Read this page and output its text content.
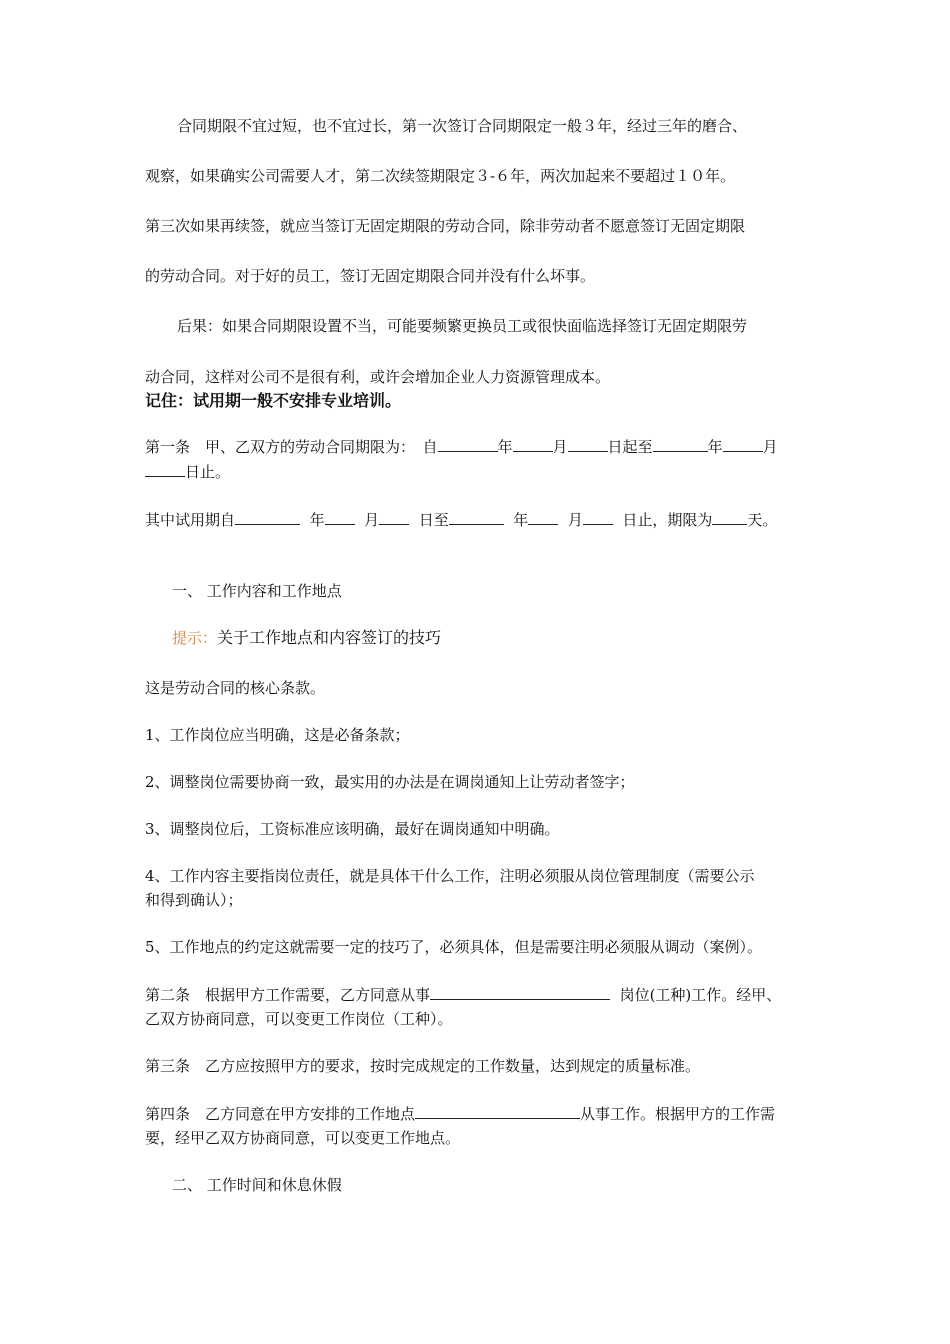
合同期限不宜过短，也不宜过长，第一次签订合同期限定一般３年，经过三年的磨合、
观察，如果确实公司需要人才，第二次续签期限定３-６年，两次加起来不要超过１０年。
第三次如果再续签，就应当签订无固定期限的劳动合同，除非劳动者不愿意签订无固定期限
的劳动合同。对于好的员工，签订无固定期限合同并没有什么坏事。
后果：如果合同期限设置不当，可能要频繁更换员工或很快面临选择签订无固定期限劳
动合同，这样对公司不是很有利，或许会增加企业人力资源管理成本。
记住：试用期一般不安排专业培训。
第一条　甲、乙双方的劳动合同期限为：　自	年	月	日起至	年	月
日止。
其中试用期自	年	月	日至	年	月	日止，期限为 天。
一、 工作内容和工作地点
提示：关于工作地点和内容签订的技巧
这是劳动合同的核心条款。
1、工作岗位应当明确，这是必备条款；
2、调整岗位需要协商一致，最实用的办法是在调岗通知上让劳动者签字；
3、调整岗位后，工资标准应该明确，最好在调岗通知中明确。
4、工作内容主要指岗位责任，就是具体干什么工作，注明必须服从岗位管理制度（需要公示
和得到确认）；
5、工作地点的约定这就需要一定的技巧了，必须具体，但是需要注明必须服从调动（案例）。
第二条　根据甲方工作需要，乙方同意从事	岗位(工种)工作。经甲、
乙双方协商同意，可以变更工作岗位（工种）。
第三条　乙方应按照甲方的要求，按时完成规定的工作数量，达到规定的质量标准。
第四条　乙方同意在甲方安排的工作地点	从事工作。根据甲方的工作需
要，经甲乙双方协商同意，可以变更工作地点。
二、 工作时间和休息休假
